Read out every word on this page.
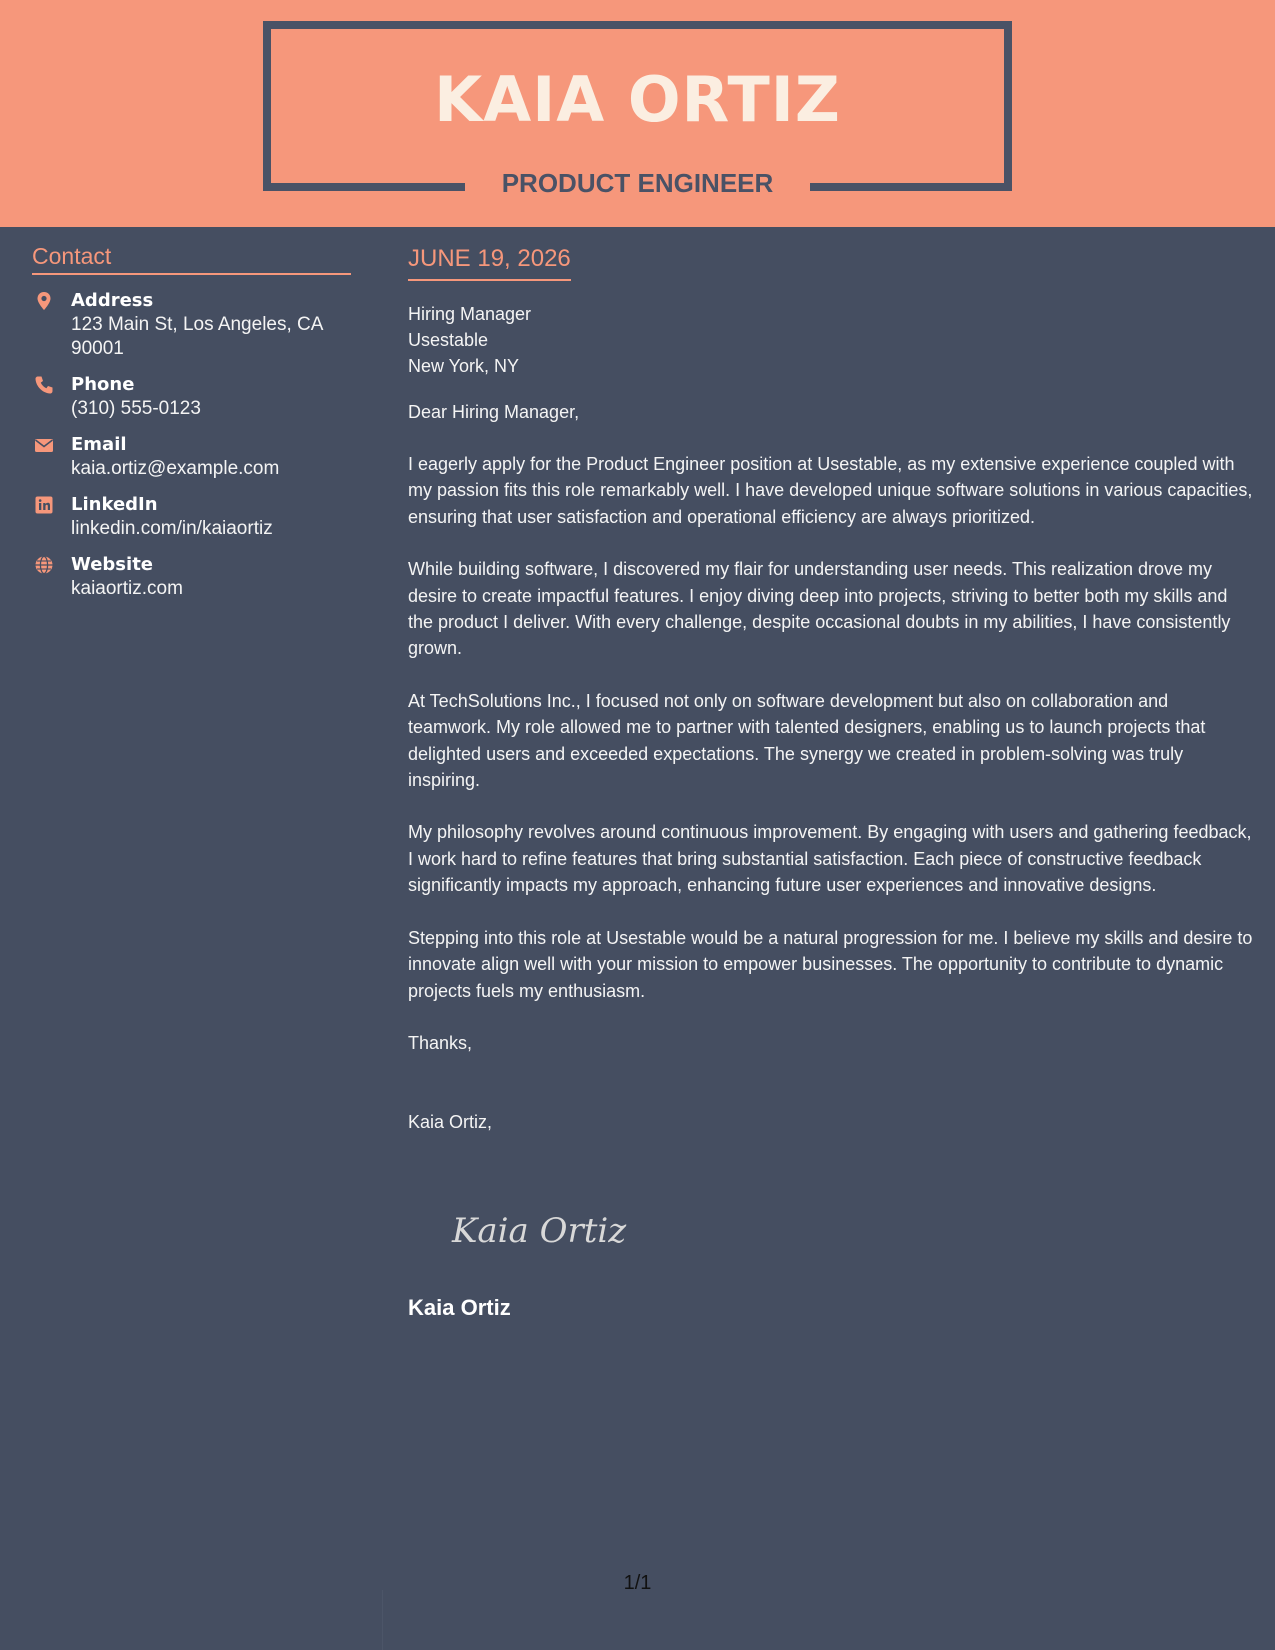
KAIA ORTIZ
PRODUCT ENGINEER
Contact
Address
123 Main St, Los Angeles, CA 90001
Phone
(310) 555-0123
Email
kaia.ortiz@example.com
LinkedIn
linkedin.com/in/kaiaortiz
Website
kaiaortiz.com
JUNE 19, 2026
Hiring Manager
Usestable
New York, NY
Dear Hiring Manager,
I eagerly apply for the Product Engineer position at Usestable, as my extensive experience coupled with my passion fits this role remarkably well. I have developed unique software solutions in various capacities, ensuring that user satisfaction and operational efficiency are always prioritized.
While building software, I discovered my flair for understanding user needs. This realization drove my desire to create impactful features. I enjoy diving deep into projects, striving to better both my skills and the product I deliver. With every challenge, despite occasional doubts in my abilities, I have consistently grown.
At TechSolutions Inc., I focused not only on software development but also on collaboration and teamwork. My role allowed me to partner with talented designers, enabling us to launch projects that delighted users and exceeded expectations. The synergy we created in problem-solving was truly inspiring.
My philosophy revolves around continuous improvement. By engaging with users and gathering feedback, I work hard to refine features that bring substantial satisfaction. Each piece of constructive feedback significantly impacts my approach, enhancing future user experiences and innovative designs.
Stepping into this role at Usestable would be a natural progression for me. I believe my skills and desire to innovate align well with your mission to empower businesses. The opportunity to contribute to dynamic projects fuels my enthusiasm.
Thanks,
Kaia Ortiz,
Kaia Ortiz
Kaia Ortiz
1/1
